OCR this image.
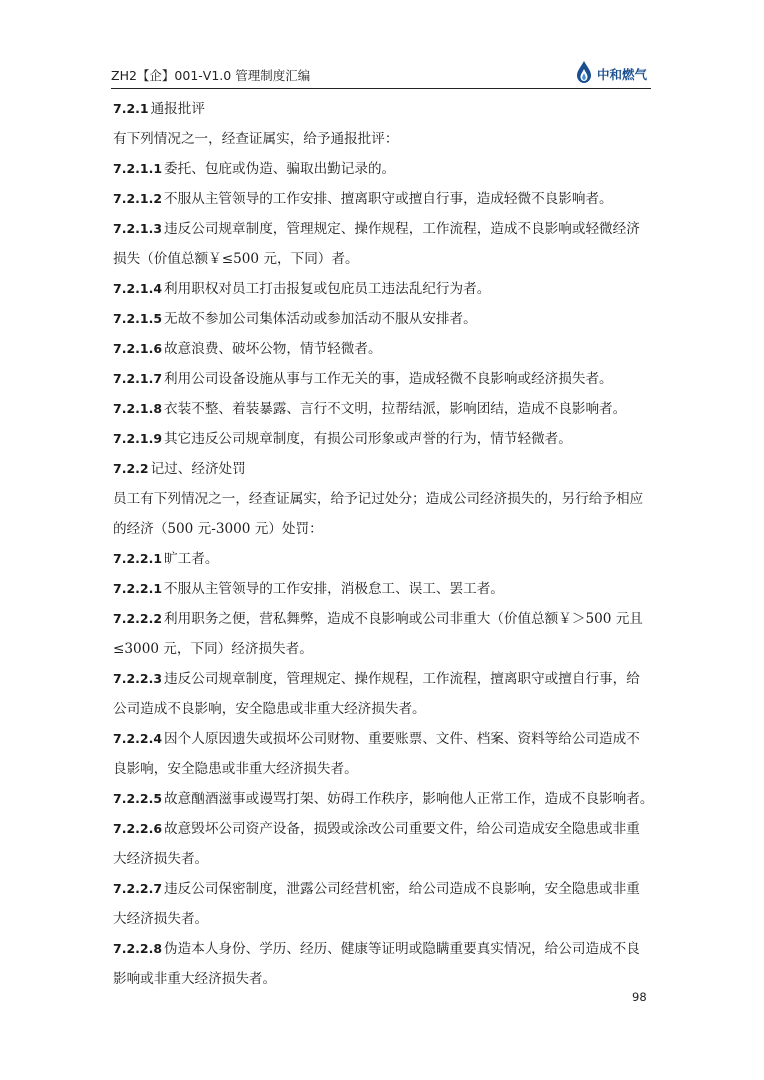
ZH2【企】001-V1.0 管理制度汇编	中和燃气
7.2.1 通报批评
有下列情况之一，经查证属实，给予通报批评：
7.2.1.1 委托、包庇或伪造、骗取出勤记录的。
7.2.1.2 不服从主管领导的工作安排、擅离职守或擅自行事，造成轻微不良影响者。
7.2.1.3 违反公司规章制度，管理规定、操作规程，工作流程，造成不良影响或轻微经济
损失（价值总额￥≤500 元，下同）者。
7.2.1.4 利用职权对员工打击报复或包庇员工违法乱纪行为者。
7.2.1.5 无故不参加公司集体活动或参加活动不服从安排者。
7.2.1.6 故意浪费、破坏公物，情节轻微者。
7.2.1.7 利用公司设备设施从事与工作无关的事，造成轻微不良影响或经济损失者。
7.2.1.8 衣装不整、着装暴露、言行不文明，拉帮结派，影响团结，造成不良影响者。
7.2.1.9 其它违反公司规章制度，有损公司形象或声誉的行为，情节轻微者。
7.2.2 记过、经济处罚
员工有下列情况之一，经查证属实，给予记过处分；造成公司经济损失的，另行给予相应
的经济（500 元-3000 元）处罚：
7.2.2.1 旷工者。
7.2.2.1 不服从主管领导的工作安排，消极怠工、误工、罢工者。
7.2.2.2 利用职务之便，营私舞弊，造成不良影响或公司非重大（价值总额￥＞500 元且
≤3000 元，下同）经济损失者。
7.2.2.3 违反公司规章制度，管理规定、操作规程，工作流程，擅离职守或擅自行事，给
公司造成不良影响，安全隐患或非重大经济损失者。
7.2.2.4 因个人原因遗失或损坏公司财物、重要账票、文件、档案、资料等给公司造成不
良影响，安全隐患或非重大经济损失者。
7.2.2.5 故意酗酒滋事或谩骂打架、妨碍工作秩序，影响他人正常工作，造成不良影响者。
7.2.2.6 故意毁坏公司资产设备，损毁或涂改公司重要文件，给公司造成安全隐患或非重
大经济损失者。
7.2.2.7 违反公司保密制度，泄露公司经营机密，给公司造成不良影响，安全隐患或非重
大经济损失者。
7.2.2.8 伪造本人身份、学历、经历、健康等证明或隐瞒重要真实情况，给公司造成不良
影响或非重大经济损失者。
98
